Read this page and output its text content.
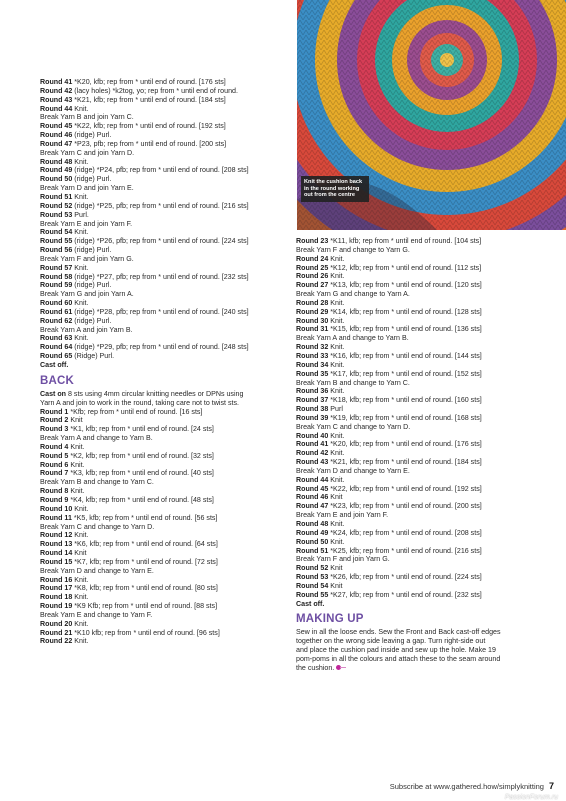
Knit the cushion back in the round working out from the centre
Round 41 *K20, kfb; rep from * until end of round. [176 sts]
Round 42 (lacy holes) *k2tog, yo; rep from * until end of round.
Round 43 *K21, kfb; rep from * until end of round. [184 sts]
Round 44 Knit.
Break Yarn B and join Yarn C.
Round 45 *K22, kfb; rep from * until end of round. [192 sts]
Round 46 (ridge) Purl.
Round 47 *P23, pfb; rep from * until end of round. [200 sts]
Break Yarn C and join Yarn D.
Round 48 Knit.
Round 49 (ridge) *P24, pfb; rep from * until end of round. [208 sts]
Round 50 (ridge) Purl.
Break Yarn D and join Yarn E.
Round 51 Knit.
Round 52 (ridge) *P25, pfb; rep from * until end of round. [216 sts]
Round 53 Purl.
Break Yarn E and join Yarn F.
Round 54 Knit.
Round 55 (ridge) *P26, pfb; rep from * until end of round. [224 sts]
Round 56 (ridge) Purl.
Break Yarn F and join Yarn G.
Round 57 Knit.
Round 58 (ridge) *P27, pfb; rep from * until end of round. [232 sts]
Round 59 (ridge) Purl.
Break Yarn G and join Yarn A.
Round 60 Knit.
Round 61 (ridge) *P28, pfb; rep from * until end of round. [240 sts]
Round 62 (ridge) Purl.
Break Yarn A and join Yarn B.
Round 63 Knit.
Round 64 (ridge) *P29, pfb; rep from * until end of round. [248 sts]
Round 65 (Ridge) Purl.
Cast off.
BACK
Cast on 8 sts using 4mm circular knitting needles or DPNs using
Yarn A and join to work in the round, taking care not to twist sts.
Round 1 *Kfb; rep from * until end of round. [16 sts]
Round 2 Knit
Round 3 *K1, kfb; rep from * until end of round. [24 sts]
Break Yarn A and change to Yarn B.
Round 4 Knit.
Round 5 *K2, kfb; rep from * until end of round. [32 sts]
Round 6 Knit.
Round 7 *K3, kfb; rep from * until end of round. [40 sts]
Break Yarn B and change to Yarn C.
Round 8 Knit.
Round 9 *K4, kfb; rep from * until end of round. [48 sts]
Round 10 Knit.
Round 11 *K5, kfb; rep from * until end of round. [56 sts]
Break Yarn C and change to Yarn D.
Round 12 Knit.
Round 13 *K6, kfb; rep from * until end of round. [64 sts]
Round 14 Knit
Round 15 *K7, kfb; rep from * until end of round. [72 sts]
Break Yarn D and change to Yarn E.
Round 16 Knit.
Round 17 *K8, kfb; rep from * until end of round. [80 sts]
Round 18 Knit.
Round 19 *K9 Kfb; rep from * until end of round. [88 sts]
Break Yarn E and change to Yarn F.
Round 20 Knit.
Round 21 *K10 kfb; rep from * until end of round. [96 sts]
Round 22 Knit.
Round 23 *K11, kfb; rep from * until end of round. [104 sts]
Break Yarn F and change to Yarn G.
Round 24 Knit.
Round 25 *K12, kfb; rep from * until end of round. [112 sts]
Round 26 Knit.
Round 27 *K13, kfb; rep from * until end of round. [120 sts]
Break Yarn G and change to Yarn A.
Round 28 Knit.
Round 29 *K14, kfb; rep from * until end of round. [128 sts]
Round 30 Knit.
Round 31 *K15, kfb; rep from * until end of round. [136 sts]
Break Yarn A and change to Yarn B.
Round 32 Knit.
Round 33 *K16, kfb; rep from * until end of round. [144 sts]
Round 34 Knit.
Round 35 *K17, kfb; rep from * until end of round. [152 sts]
Break Yarn B and change to Yarn C.
Round 36 Knit.
Round 37 *K18, kfb; rep from * until end of round. [160 sts]
Round 38 Purl
Round 39 *K19, kfb; rep from * until end of round. [168 sts]
Break Yarn C and change to Yarn D.
Round 40 Knit.
Round 41 *K20, kfb; rep from * until end of round. [176 sts]
Round 42 Knit.
Round 43 *K21, kfb; rep from * until end of round. [184 sts]
Break Yarn D and change to Yarn E.
Round 44 Knit.
Round 45 *K22, kfb; rep from * until end of round. [192 sts]
Round 46 Knit
Round 47 *K23, kfb; rep from * until end of round. [200 sts]
Break Yarn E and join Yarn F.
Round 48 Knit.
Round 49 *K24, kfb; rep from * until end of round. [208 sts]
Round 50 Knit.
Round 51 *K25, kfb; rep from * until end of round. [216 sts]
Break Yarn F and join Yarn G.
Round 52 Knit
Round 53 *K26, kfb; rep from * until end of round. [224 sts]
Round 54 Knit
Round 55 *K27, kfb; rep from * until end of round. [232 sts]
Cast off.
MAKING UP
Sew in all the loose ends. Sew the Front and Back cast-off edges
together on the wrong side leaving a gap. Turn right-side out
and place the cushion pad inside and sew up the hole. Make 19
pom-poms in all the colours and attach these to the seam around
the cushion.
Subscribe at www.gathered.how/simplyknitting 7
PassionForum.ru
